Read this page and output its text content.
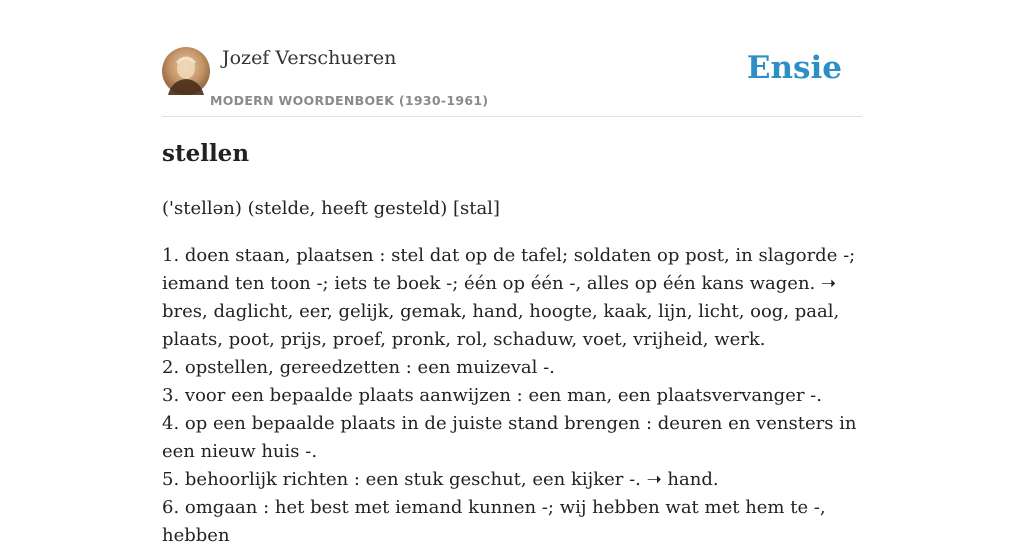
Jozef Verschueren
MODERN WOORDENBOEK (1930-1961)
Ensie
stellen

('stellən) (stelde, heeft gesteld) [stal]

1. doen staan, plaatsen : stel dat op de tafel; soldaten op post, in slagorde -; iemand ten toon -; iets te boek -; één op één -, alles op één kans wagen. ➝ bres, daglicht, eer, gelijk, gemak, hand, hoogte, kaak, lijn, licht, oog, paal, plaats, poot, prijs, proef, pronk, rol, schaduw, voet, vrijheid, werk.

2. opstellen, gereedzetten : een muizeval -.

3. voor een bepaalde plaats aanwijzen : een man, een plaatsvervanger -.

4. op een bepaalde plaats in de juiste stand brengen : deuren en vensters in een nieuw huis -.

5. behoorlijk richten : een stuk geschut, een kijker -. ➝ hand.

6. omgaan : het best met iemand kunnen -; wij hebben wat met hem te -, hebben
